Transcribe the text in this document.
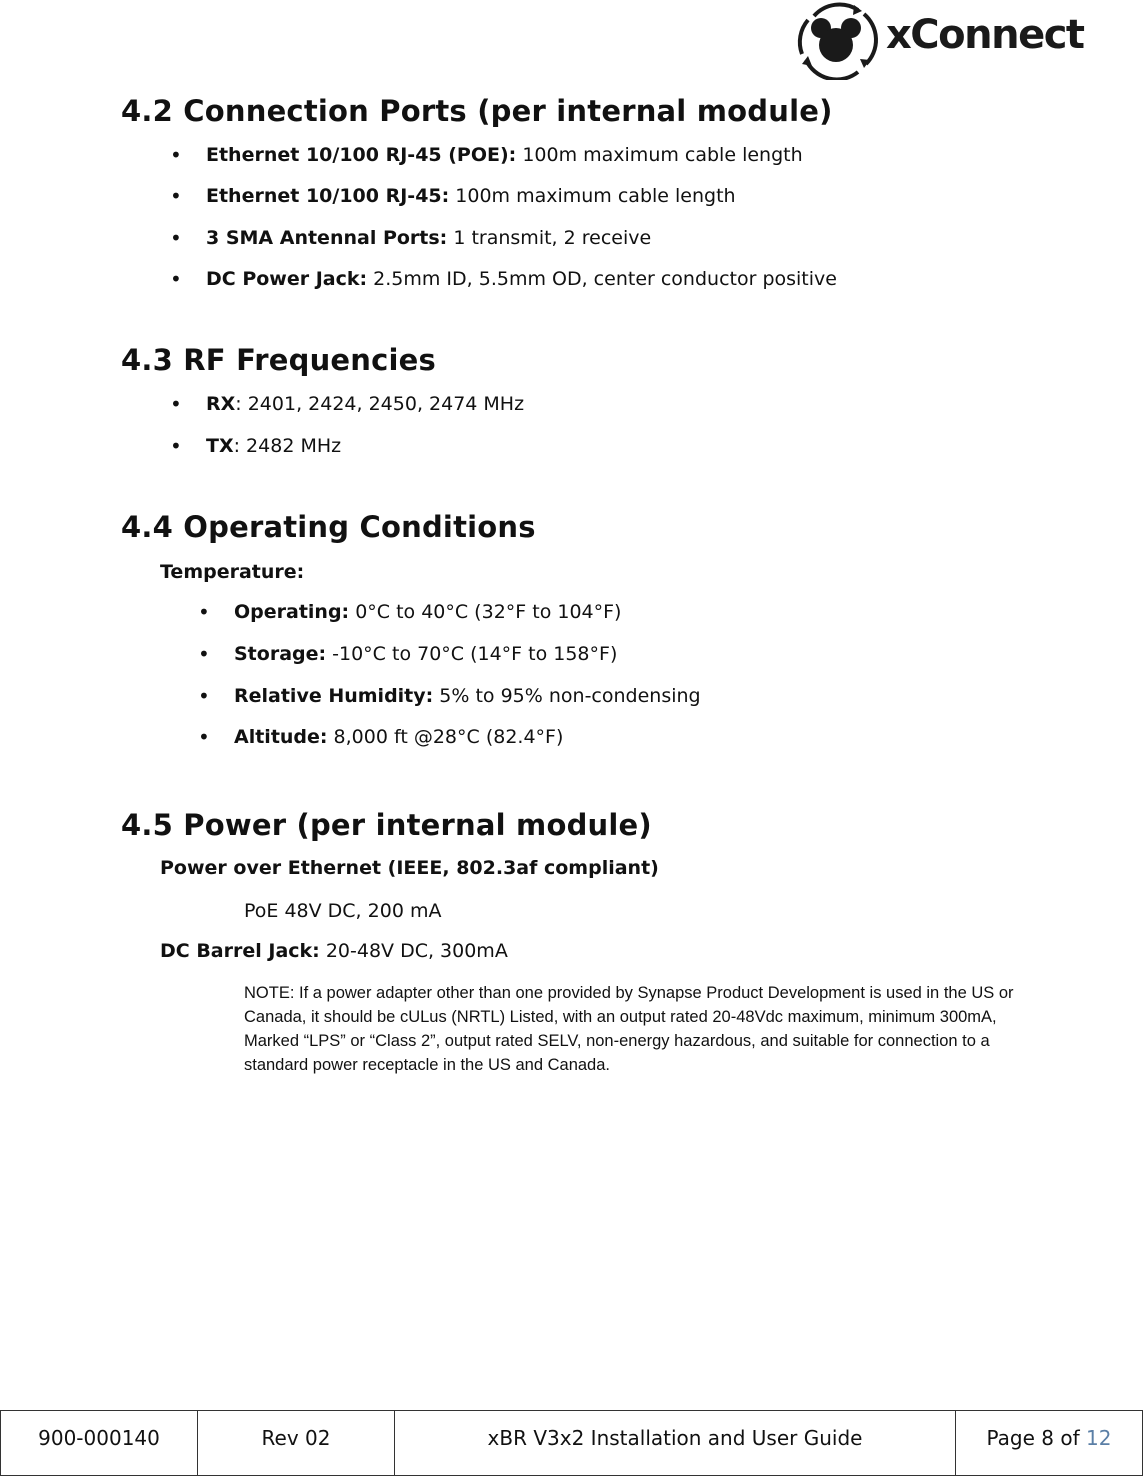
xConnect
4.2 Connection Ports (per internal module)
• Ethernet 10/100 RJ-45 (POE): 100m maximum cable length
• Ethernet 10/100 RJ-45: 100m maximum cable length
• 3 SMA Antennal Ports: 1 transmit, 2 receive
• DC Power Jack: 2.5mm ID, 5.5mm OD, center conductor positive
4.3 RF Frequencies
• RX: 2401, 2424, 2450, 2474 MHz
• TX: 2482 MHz
4.4 Operating Conditions
Temperature:
• Operating: 0°C to 40°C (32°F to 104°F)
• Storage: -10°C to 70°C (14°F to 158°F)
• Relative Humidity: 5% to 95% non-condensing
• Altitude: 8,000 ft @28°C (82.4°F)
4.5 Power (per internal module)
Power over Ethernet (IEEE, 802.3af compliant)
PoE 48V DC, 200 mA
DC Barrel Jack: 20-48V DC, 300mA
NOTE: If a power adapter other than one provided by Synapse Product Development is used in the US or Canada, it should be cULus (NRTL) Listed, with an output rated 20-48Vdc maximum, minimum 300mA, Marked “LPS” or “Class 2”, output rated SELV, non-energy hazardous, and suitable for connection to a standard power receptacle in the US and Canada.
900-000140	Rev 02	xBR V3x2 Installation and User Guide	Page 8 of 12
